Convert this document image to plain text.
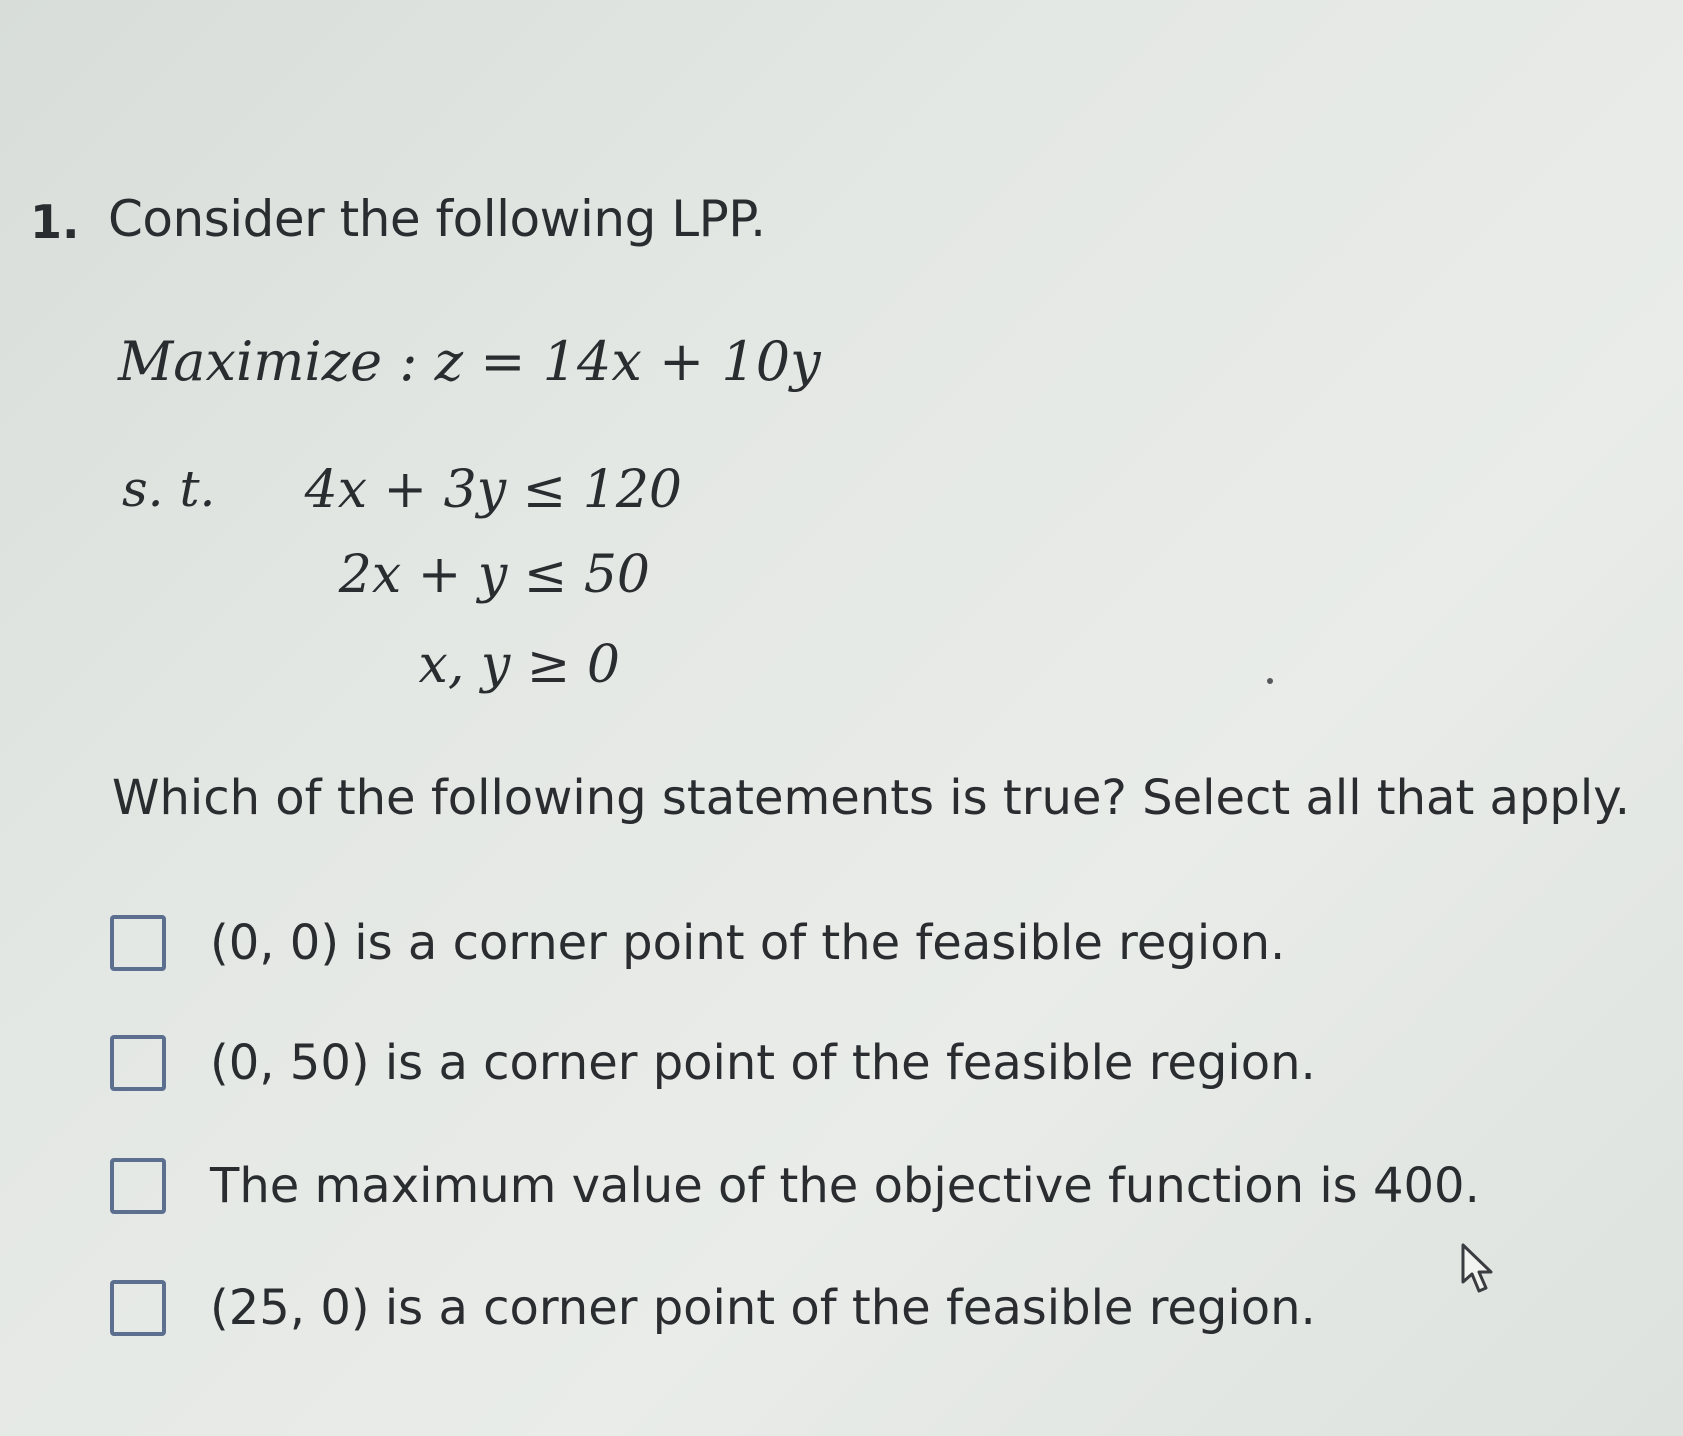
1. Consider the following LPP.
Maximize : z = 14x + 10y
s. t.	4x + 3y ≤ 120
2x + y ≤ 50
x, y ≥ 0
Which of the following statements is true? Select all that apply.
(0, 0) is a corner point of the feasible region.
(0, 50) is a corner point of the feasible region.
The maximum value of the objective function is 400.
(25, 0) is a corner point of the feasible region.
